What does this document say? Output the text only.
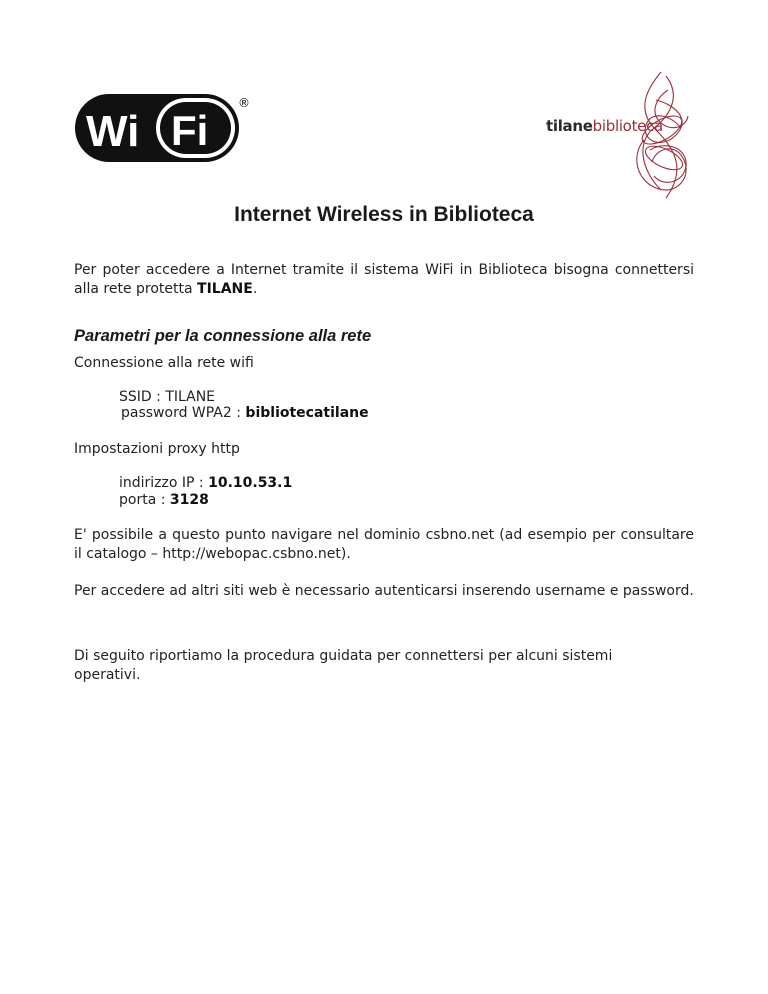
Wi Fi
®
tilanebiblioteca
Internet Wireless in Biblioteca
Per poter accedere a Internet tramite il sistema WiFi in Biblioteca bisogna connettersi alla rete protetta TILANE.
Parametri per la connessione alla rete
Connessione alla rete wifi
SSID : TILANE
password WPA2 : bibliotecatilane
Impostazioni proxy http
indirizzo IP : 10.10.53.1
porta : 3128
E' possibile a questo punto navigare nel dominio csbno.net (ad esempio per consultare il catalogo – http://webopac.csbno.net).
Per accedere ad altri siti web è necessario autenticarsi inserendo username e password.
Di seguito riportiamo la procedura guidata per connettersi per alcuni sistemi operativi.
